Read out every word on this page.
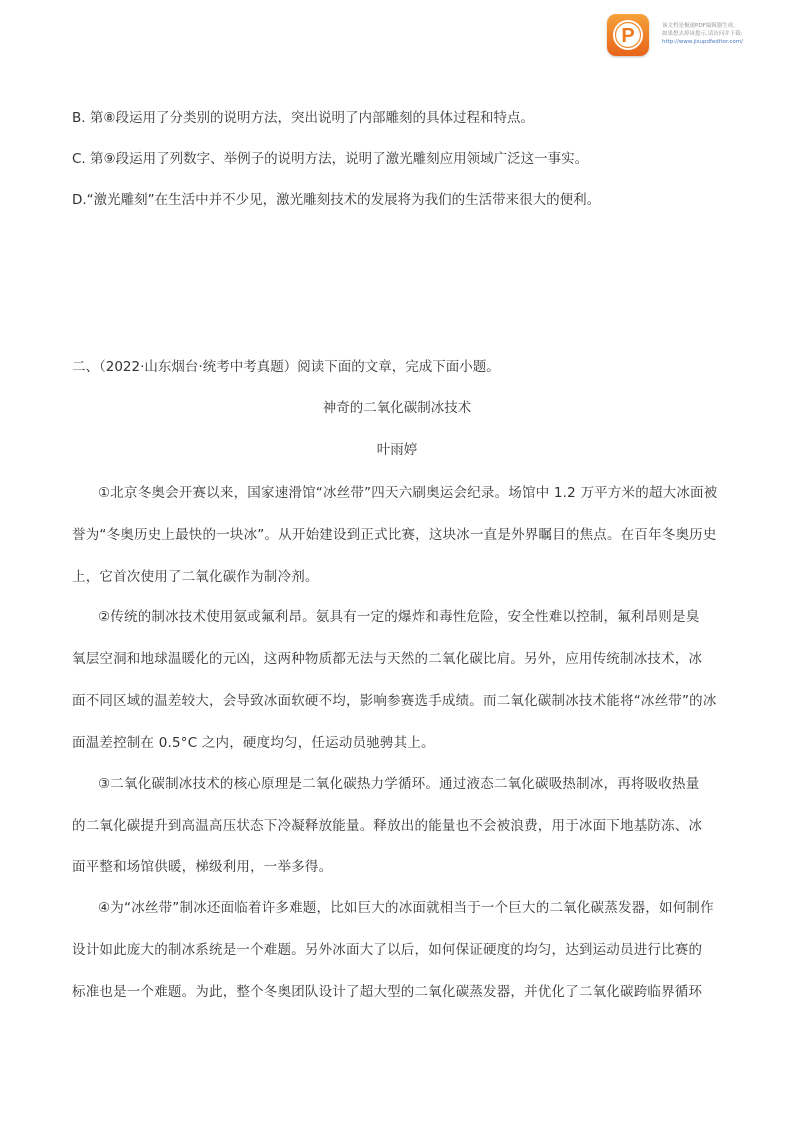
P	该文档是极速PDF编辑器生成,
如果想去掉该提示,请访问并下载:
http://www.jisupdfeditor.com/
B. 第⑧段运用了分类别的说明方法，突出说明了内部雕刻的具体过程和特点。
C. 第⑨段运用了列数字、举例子的说明方法，说明了激光雕刻应用领域广泛这一事实。
D.“激光雕刻”在生活中并不少见，激光雕刻技术的发展将为我们的生活带来很大的便利。
二、（2022·山东烟台·统考中考真题）阅读下面的文章，完成下面小题。
神奇的二氧化碳制冰技术
叶雨婷
①北京冬奥会开赛以来，国家速滑馆“冰丝带”四天六刷奥运会纪录。场馆中 1.2 万平方米的超大冰面被
誉为“冬奥历史上最快的一块冰”。从开始建设到正式比赛，这块冰一直是外界瞩目的焦点。在百年冬奥历史
上，它首次使用了二氧化碳作为制冷剂。
②传统的制冰技术使用氨或氟利昂。氨具有一定的爆炸和毒性危险，安全性难以控制，氟利昂则是臭
氧层空洞和地球温暖化的元凶，这两种物质都无法与天然的二氧化碳比肩。另外，应用传统制冰技术，冰
面不同区域的温差较大，会导致冰面软硬不均，影响参赛选手成绩。而二氧化碳制冰技术能将“冰丝带”的冰
面温差控制在 0.5°C 之内，硬度均匀，任运动员驰骋其上。
③二氧化碳制冰技术的核心原理是二氧化碳热力学循环。通过液态二氧化碳吸热制冰，再将吸收热量
的二氧化碳提升到高温高压状态下冷凝释放能量。释放出的能量也不会被浪费，用于冰面下地基防冻、冰
面平整和场馆供暖，梯级利用，一举多得。
④为“冰丝带”制冰还面临着许多难题，比如巨大的冰面就相当于一个巨大的二氧化碳蒸发器，如何制作
设计如此庞大的制冰系统是一个难题。另外冰面大了以后，如何保证硬度的均匀，达到运动员进行比赛的
标准也是一个难题。为此，整个冬奥团队设计了超大型的二氧化碳蒸发器，并优化了二氧化碳跨临界循环
